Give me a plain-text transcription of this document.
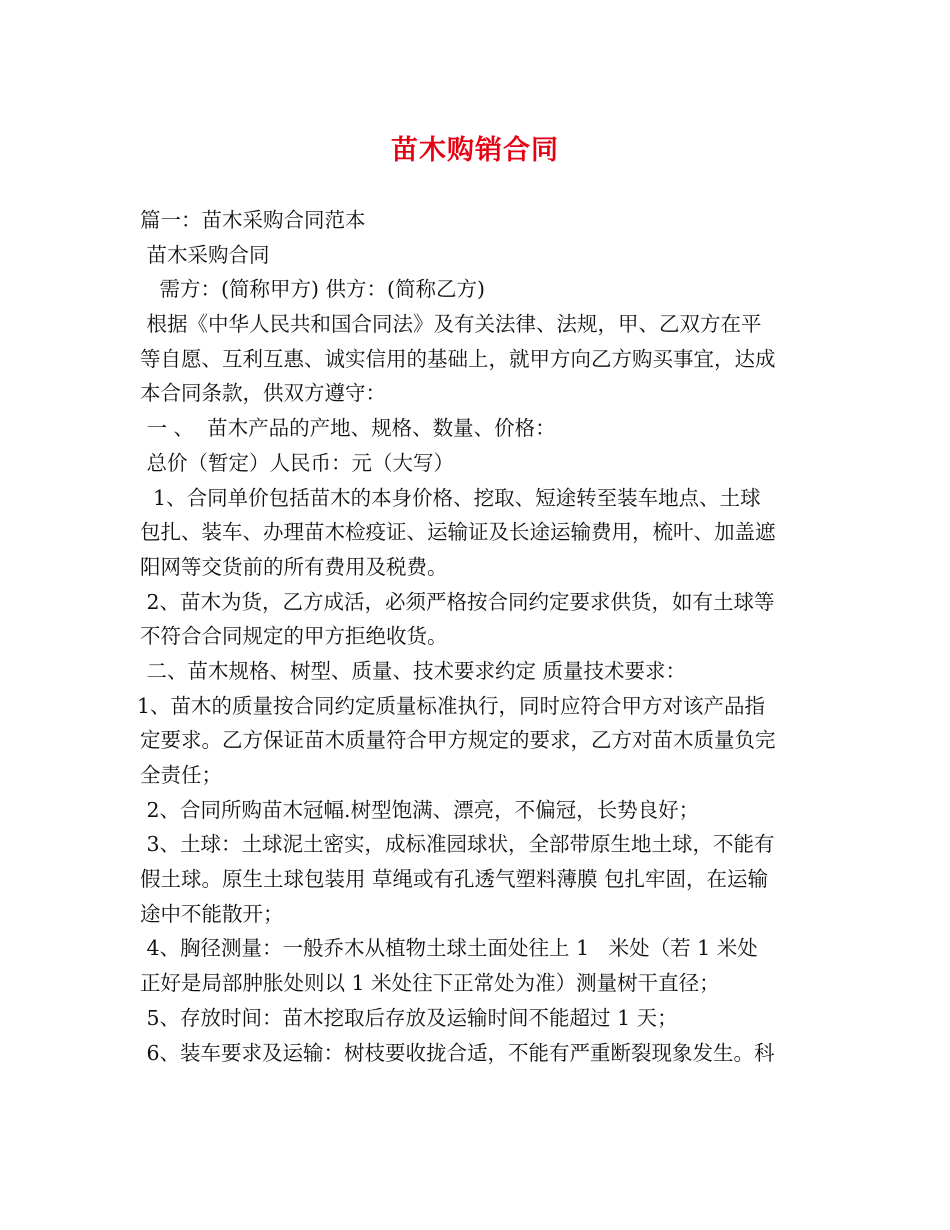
苗木购销合同
篇一：苗木采购合同范本
苗木采购合同
需方：(简称甲方) 供方：(简称乙方)
根据《中华人民共和国合同法》及有关法律、法规，甲、乙双方在平
等自愿、互利互惠、诚实信用的基础上，就甲方向乙方购买事宜，达成
本合同条款，供双方遵守：
一 、  苗木产品的产地、规格、数量、价格：
总价（暂定）人民币：元（大写）
1、合同单价包括苗木的本身价格、挖取、短途转至装车地点、土球
包扎、装车、办理苗木检疫证、运输证及长途运输费用，梳叶、加盖遮
阳网等交货前的所有费用及税费。
2、苗木为货，乙方成活，必须严格按合同约定要求供货，如有土球等
不符合合同规定的甲方拒绝收货。
二、苗木规格、树型、质量、技术要求约定 质量技术要求：
1、苗木的质量按合同约定质量标准执行，同时应符合甲方对该产品指
定要求。乙方保证苗木质量符合甲方规定的要求，乙方对苗木质量负完
全责任；
2、合同所购苗木冠幅.树型饱满、漂亮，不偏冠，长势良好；
3、土球：土球泥土密实，成标准园球状，全部带原生地土球，不能有
假土球。原生土球包装用 草绳或有孔透气塑料薄膜 包扎牢固，在运输
途中不能散开；
4、胸径测量：一般乔木从植物土球土面处往上 1   米处（若 1 米处
正好是局部肿胀处则以 1 米处往下正常处为准）测量树干直径；
5、存放时间：苗木挖取后存放及运输时间不能超过 1 天；
6、装车要求及运输：树枝要收拢合适，不能有严重断裂现象发生。科
